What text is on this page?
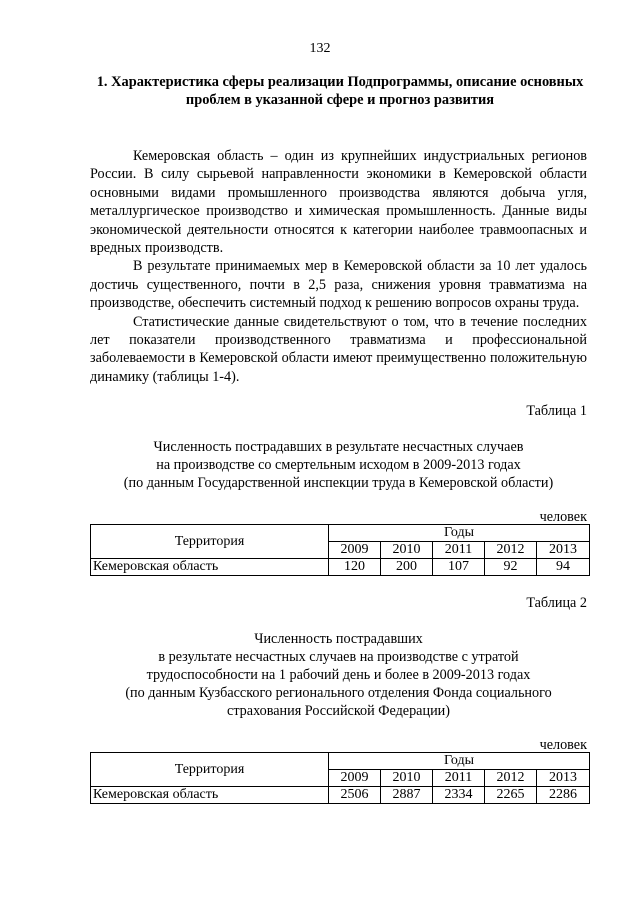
132
1. Характеристика сферы реализации Подпрограммы, описание основных проблем в указанной сфере и прогноз развития

Кемеровская область – один из крупнейших индустриальных регионов России. В силу сырьевой направленности экономики в Кемеровской области основными видами промышленного производства являются добыча угля, металлургическое производство и химическая промышленность. Данные виды экономической деятельности относятся к категории наиболее травмоопасных и вредных производств.

В результате принимаемых мер в Кемеровской области за 10 лет удалось достичь существенного, почти в 2,5 раза, снижения уровня травматизма на производстве, обеспечить системный подход к решению вопросов охраны труда.

Статистические данные свидетельствуют о том, что в течение последних лет показатели производственного травматизма и профессиональной заболеваемости в Кемеровской области имеют преимущественно положительную динамику (таблицы 1-4).

Таблица 1
Численность пострадавших в результате несчастных случаев
на производстве со смертельным исходом в 2009-2013 годах
(по данным Государственной инспекции труда в Кемеровской области)
человек
Территория	Годы				
	2009	2010	2011	2012	2013
Кемеровская область	120	200	107	92	94
Таблица 2
Численность пострадавших
в результате несчастных случаев на производстве с утратой
трудоспособности на 1 рабочий день и более в 2009-2013 годах
(по данным Кузбасского регионального отделения Фонда социального
страхования Российской Федерации)
человек
Территория	Годы				
	2009	2010	2011	2012	2013
Кемеровская область	2506	2887	2334	2265	2286
